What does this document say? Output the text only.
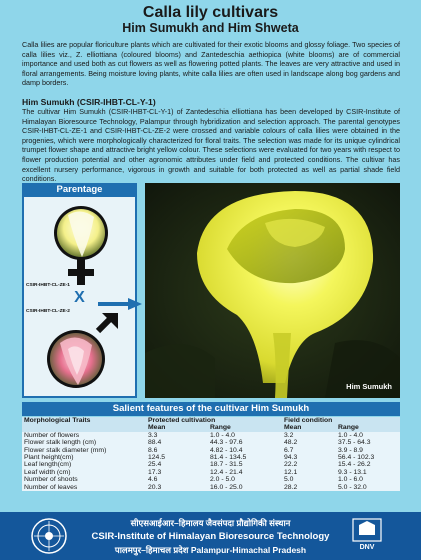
Calla lily cultivars
Him Sumukh and Him Shweta
Calla lilies are popular floriculture plants which are cultivated for their exotic blooms and glossy foliage. Two species of calla lilies viz., Z. elliottiana (coloured blooms) and Zantedeschia aethiopica (white blooms) are of commercial importance and used both as cut flowers as well as flowering potted plants. The leaves are very attractive and used in floral arrangements. Being moisture loving plants, white calla lilies are often used in landscape along bog gardens and damp borders.
Him Sumukh (CSIR-IHBT-CL-Y-1)
The cultivar Him Sumukh (CSIR-IHBT-CL-Y-1) of Zantedeschia elliottiana has been developed by CSIR-Institute of Himalayan Bioresource Technology, Palampur through hybridization and selection approach. The parental genotypes CSIR-IHBT-CL-ZE-1 and CSIR-IHBT-CL-ZE-2 were crossed and variable colours of calla lilies were obtained in the progenies, which were morphologically characterized for floral traits. The selection was made for its unique cylindrical trumpet flower shape and attractive bright yellow colour. These selections were evaluated for two years with respect to flower production potential and other agronomic attributes under field and protected conditions. The cultivar has excellent nursery performance, vigorous in growth and suitable for both protected as well as partial shade field conditions.
Parentage
CSIR-IHBT-CL-ZE-1
X
CSIR-IHBT-CL-ZE-2
Him Sumukh
Salient features of the cultivar Him Sumukh
Morphological Traits	Protected cultivation		Field condition	
	Mean	Range	Mean	Range
Number of flowers	3.3	1.0 - 4.0	3.2	1.0 - 4.0
Flower stalk length (cm)	88.4	44.3 - 97.6	48.2	37.5 - 64.3
Flower stalk diameter (mm)	8.6	4.82 - 10.4	6.7	3.9 - 8.9
Plant height(cm)	124.5	81.4 - 134.5	94.3	56.4 - 102.3
Leaf length(cm)	25.4	18.7 - 31.5	22.2	15.4 - 26.2
Leaf width (cm)	17.3	12.4 - 21.4	12.1	9.3 - 13.1
Number of shoots	4.6	2.0 - 5.0	5.0	1.0 - 6.0
Number of leaves	20.3	16.0 - 25.0	28.2	5.0 - 32.0
सीएसआईआर–हिमालय जैवसंपदा प्रौद्योगिकी संस्थान
CSIR-Institute of Himalayan Bioresource Technology
पालमपुर–हिमाचल प्रदेश Palampur-Himachal Pradesh	DNV
